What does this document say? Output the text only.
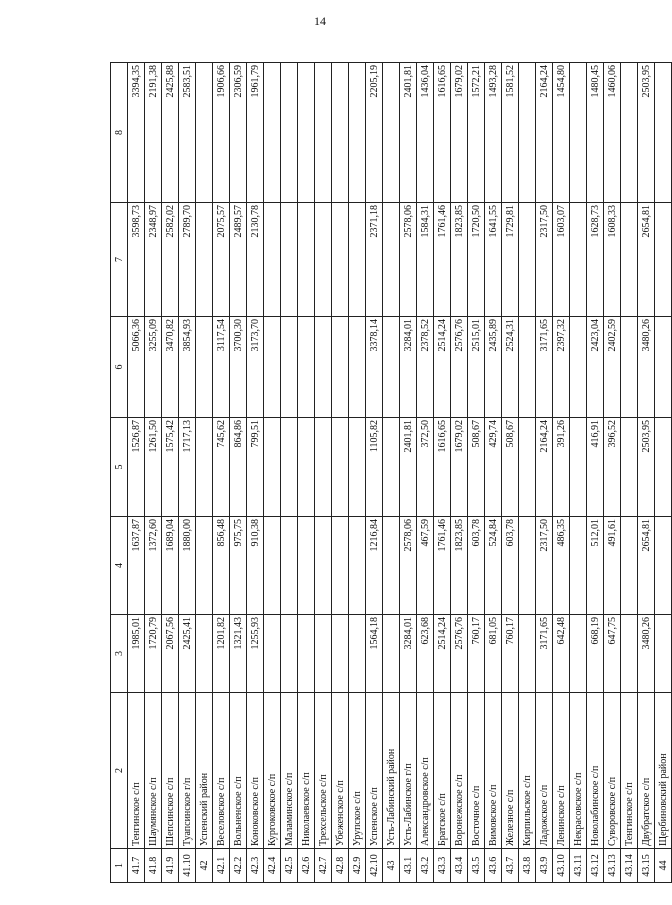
14
1	2	3	4	5	6	7	8
41.7	Тенгинское с/п	1985,01	1637,87	1526,87	5066,36	3598,73	3394,35
41.8	Шаумянское с/п	1720,79	1372,60	1261,50	3255,09	2348,97	2191,38
41.9	Шепсинское с/п	2067,56	1689,04	1575,42	3470,82	2582,02	2425,88
41.10	Туапсинское г/п	2425,41	1880,00	1717,13	3854,93	2789,70	2583,51
42	Успенский район						
42.1	Веселовское с/п	1201,82	856,48	745,62	3117,54	2075,57	1906,66
42.2	Вольненское с/п	1321,43	975,75	864,86	3700,30	2489,57	2306,59
42.3	Коноковское с/п	1255,93	910,38	799,51	3173,70	2130,78	1961,79
42.4	Кургоковское с/п						
42.5	Маламинское с/п						
42.6	Николаевское с/п						
42.7	Трехсельское с/п						
42.8	Убеженское с/п						
42.9	Урупское с/п						
42.10	Успенское с/п	1564,18	1216,84	1105,82	3378,14	2371,18	2205,19
43	Усть-Лабинский район						
43.1	Усть-Лабинское г/п	3284,01	2578,06	2401,81	3284,01	2578,06	2401,81
43.2	Александровское с/п	623,68	467,59	372,50	2378,52	1584,31	1436,04
43.3	Братское с/п	2514,24	1761,46	1616,65	2514,24	1761,46	1616,65
43.4	Воронежское с/п	2576,76	1823,85	1679,02	2576,76	1823,85	1679,02
43.5	Восточное с/п	760,17	603,78	508,67	2515,01	1720,50	1572,21
43.6	Вимовское с/п	681,05	524,84	429,74	2435,89	1641,55	1493,28
43.7	Железное с/п	760,17	603,78	508,67	2524,31	1729,81	1581,52
43.8	Кирпильское с/п						
43.9	Ладожское с/п	3171,65	2317,50	2164,24	3171,65	2317,50	2164,24
43.10	Ленинское с/п	642,48	486,35	391,26	2397,32	1603,07	1454,80
43.11	Некрасовское с/п						
43.12	Новолабинское с/п	668,19	512,01	416,91	2423,04	1628,73	1480,45
43.13	Суворовское с/п	647,75	491,61	396,52	2402,59	1608,33	1460,06
43.14	Тенгинское с/п						
43.15	Двубратское с/п	3480,26	2654,81	2503,95	3480,26	2654,81	2503,95
44	Щербиновский район						
